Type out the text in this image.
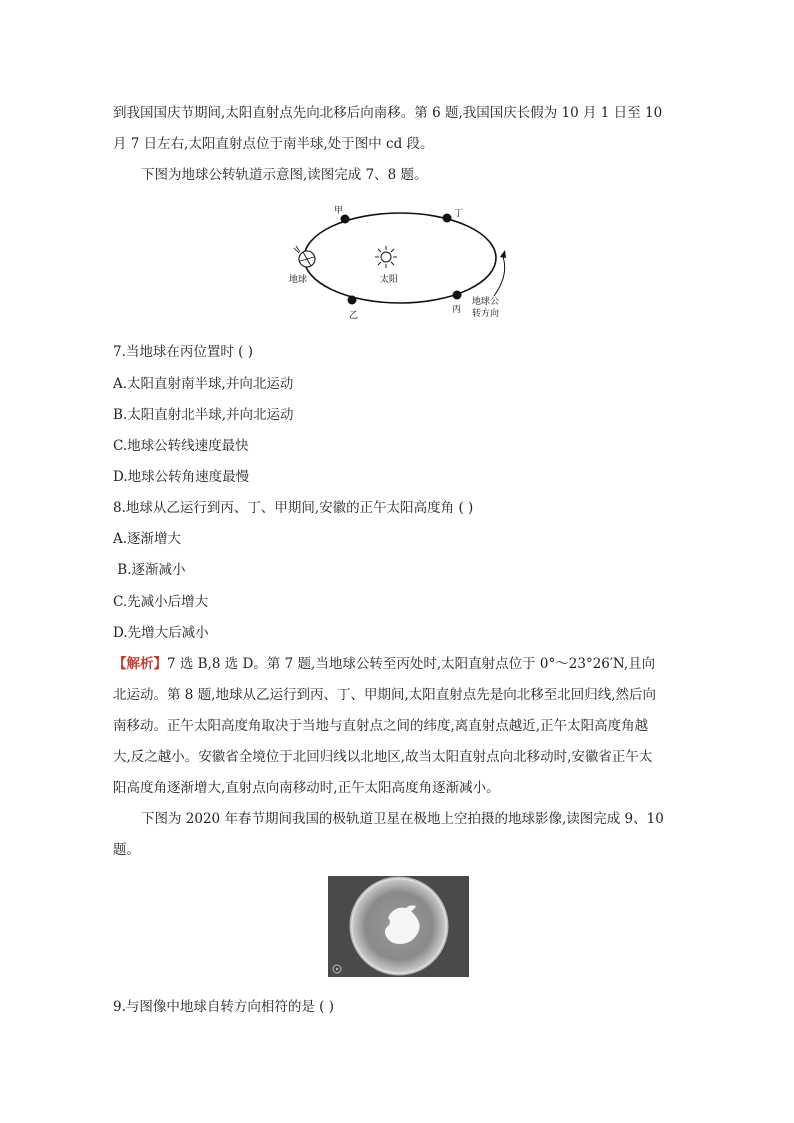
到我国国庆节期间,太阳直射点先向北移后向南移。第 6 题,我国国庆长假为 10 月 1 日至 10
月 7 日左右,太阳直射点位于南半球,处于图中 cd 段。
下图为地球公转轨道示意图,读图完成 7、8 题。
甲	丁
乙
丙
太阳
地球
地球公
转方向
7.当地球在丙位置时 ( )
A.太阳直射南半球,并向北运动
B.太阳直射北半球,并向北运动
C.地球公转线速度最快
D.地球公转角速度最慢
8.地球从乙运行到丙、丁、甲期间,安徽的正午太阳高度角 ( )
A.逐渐增大
B.逐渐减小
C.先减小后增大
D.先增大后减小
【解析】7 选 B,8 选 D。第 7 题,当地球公转至丙处时,太阳直射点位于 0°～23°26′N,且向
北运动。第 8 题,地球从乙运行到丙、丁、甲期间,太阳直射点先是向北移至北回归线,然后向
南移动。正午太阳高度角取决于当地与直射点之间的纬度,离直射点越近,正午太阳高度角越
大,反之越小。安徽省全境位于北回归线以北地区,故当太阳直射点向北移动时,安徽省正午太
阳高度角逐渐增大,直射点向南移动时,正午太阳高度角逐渐减小。
下图为 2020 年春节期间我国的极轨道卫星在极地上空拍摄的地球影像,读图完成 9、10
题。
9.与图像中地球自转方向相符的是 ( )
